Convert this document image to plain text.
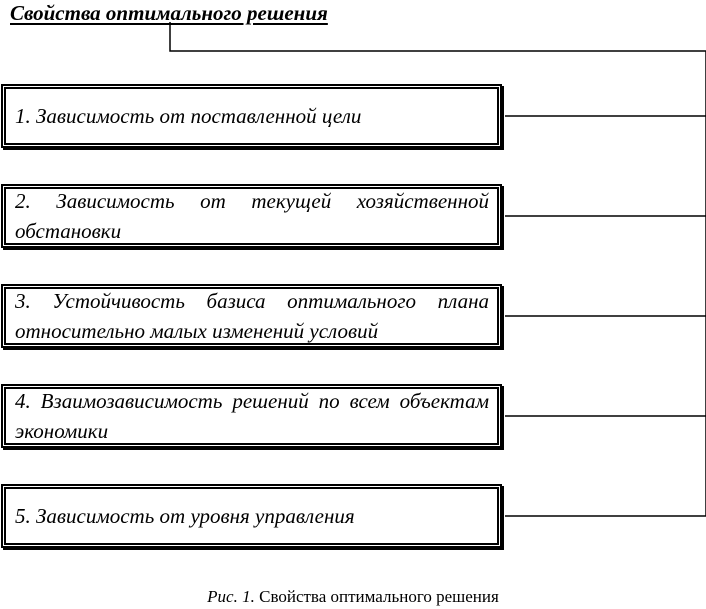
Свойства оптимального решения
1. Зависимость от поставленной цели
2. Зависимость от текущей хозяйственной обстановки
3. Устойчивость базиса оптимального плана относительно малых изменений условий
4. Взаимозависимость решений по всем объектам экономики
5. Зависимость от уровня управления
Рис. 1. Свойства оптимального решения
